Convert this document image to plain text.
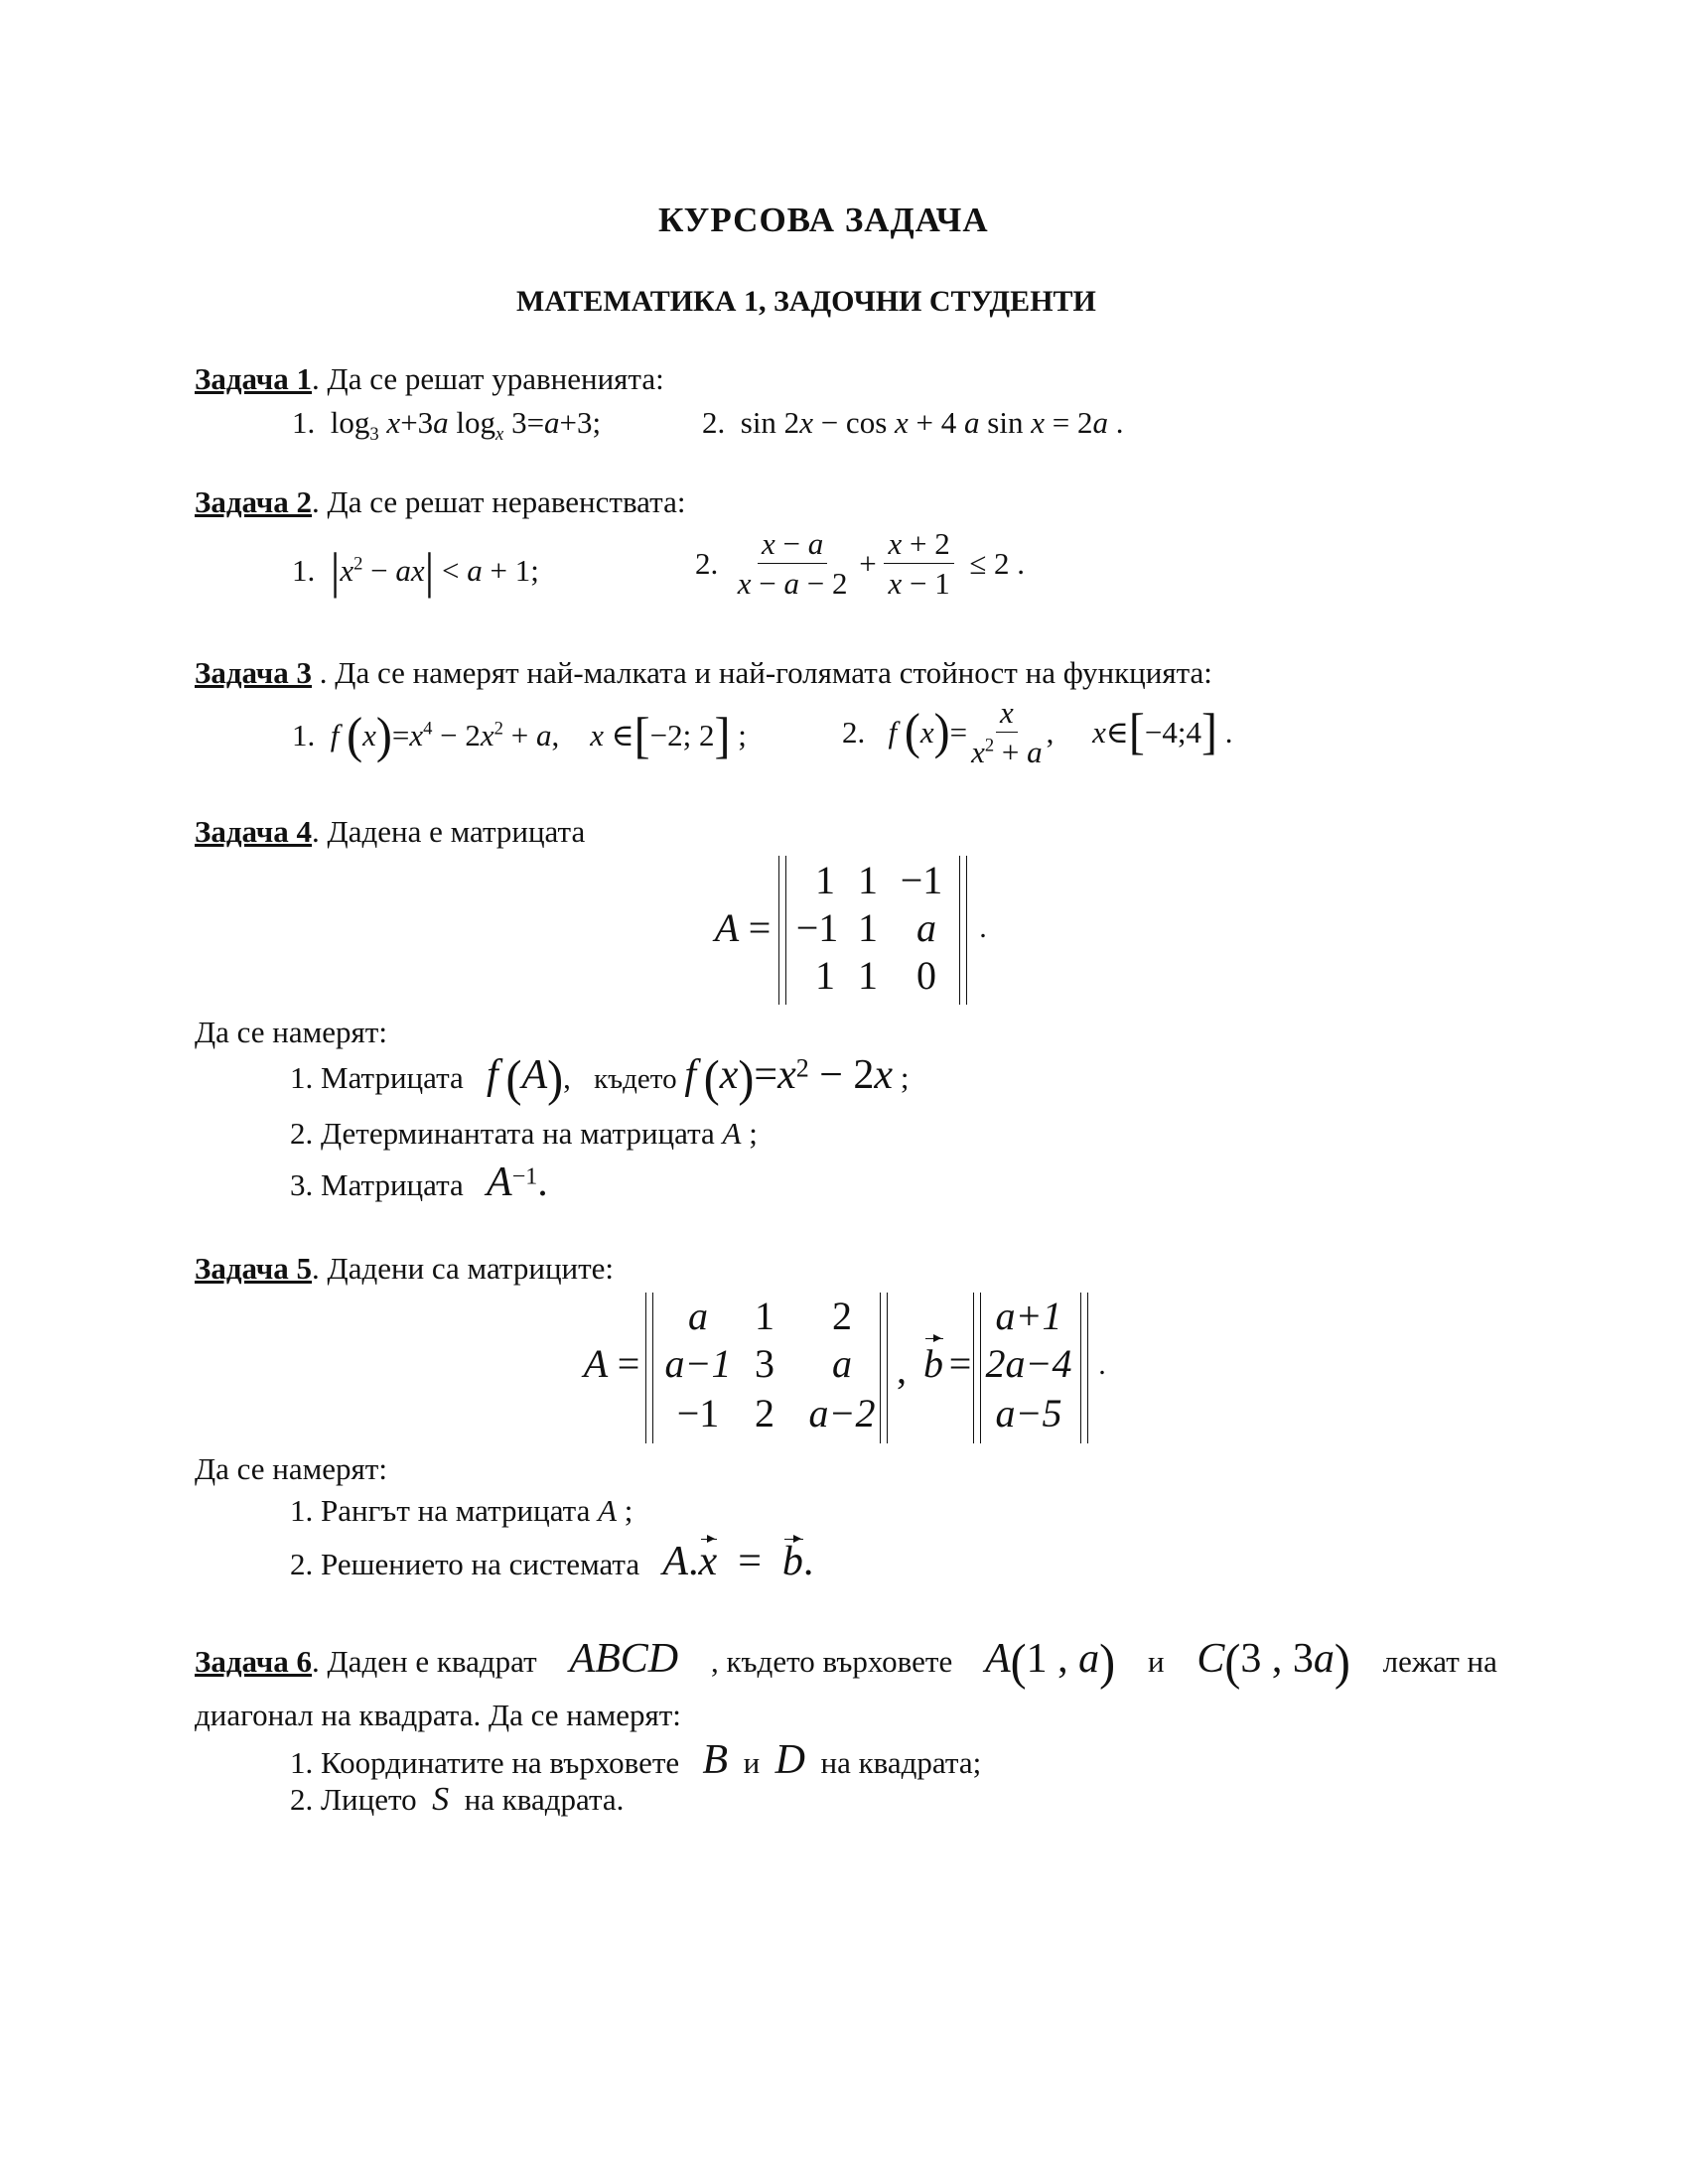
КУРСОВА ЗАДАЧА
МАТЕМАТИКА 1, ЗАДОЧНИ СТУДЕНТИ
Задача 1. Да се решат уравненията:
1.  $\log_3 x+3a$ $\log_x 3=a+3$;	2.  sin 2x − cos x + 4 a sin x = 2a .
Задача 2. Да се решат неравенствата:
1. $|x^2 - ax| < a + 1$;	2. $\frac{x - a}{x - a - 2} + \frac{x + 2}{x - 1} \le 2$ .
Задача 3 . Да се намерят най-малката и най-голямата стойност на функцията:
1. f $(x)=x^4 - 2x^2 + a$,    x ∈[−2; 2] ;	2. f $(x)= \frac{x}{x^2 + a}$ ,     x∈[−4;4] .
Задача 4. Дадена е матрицата
A =
1 1 −1
−1 1 a
1 1 0
.
Да се намерят:
1. Матрицата f (A),   където f $(x)=x^2 - 2x$ ;
2. Детерминантата на матрицата A ;
3. Матрицата $A^{-1}$.
Задача 5. Дадени са матриците:
A =
a	1	2
a−1 3	a
−1 2 a−2
, b =
a+1
2a−4
a−5
.
Да се намерят:
1. Рангът на матрицата A ;
2. Решението на системата A.x  =  b.
Задача 6. Даден е квадрат ABCD , където върховете A(1 , a) и C(3 , 3a) лежат на
диагонал на квадрата. Да се намерят:
1. Координатите на върховете B и D на квадрата;
2. Лицето S на квадрата.
